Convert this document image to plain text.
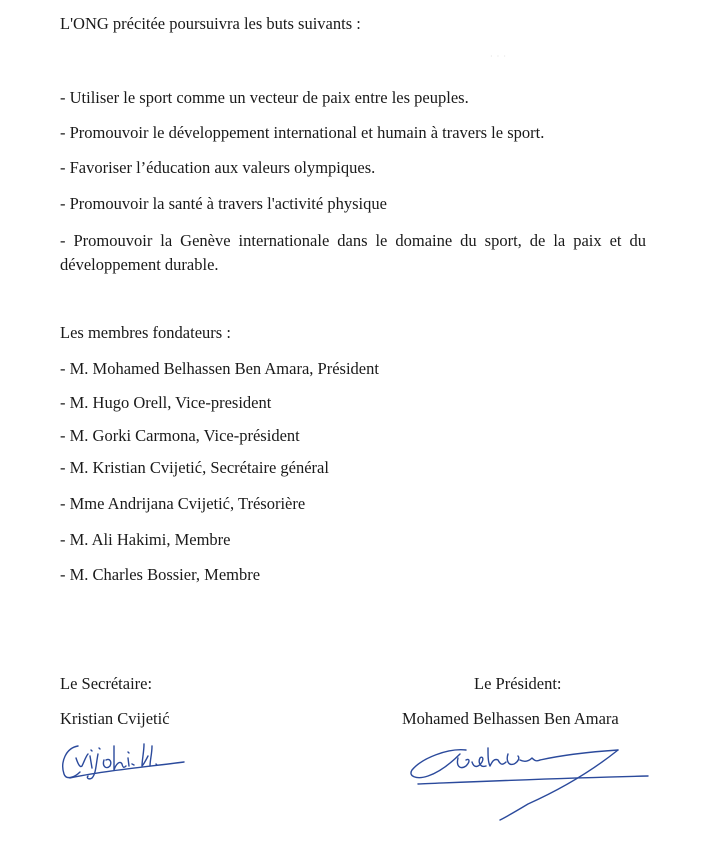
L'ONG précitée poursuivra les buts suivants :
· · ·
- Utiliser le sport comme un vecteur de paix entre les peuples.
- Promouvoir le développement international et humain à travers le sport.
- Favoriser l’éducation aux valeurs olympiques.
- Promouvoir la santé à travers l'activité physique
- Promouvoir la Genève internationale dans le domaine du sport, de la paix et du développement durable.
Les membres fondateurs :
- M. Mohamed Belhassen Ben Amara, Président
- M. Hugo Orell, Vice-president
- M. Gorki Carmona, Vice-président
- M. Kristian Cvijetić, Secrétaire général
- Mme Andrijana Cvijetić, Trésorière
- M. Ali Hakimi, Membre
- M. Charles Bossier, Membre
Le Secrétaire:
Kristian Cvijetić
Le Président:
Mohamed Belhassen Ben Amara
